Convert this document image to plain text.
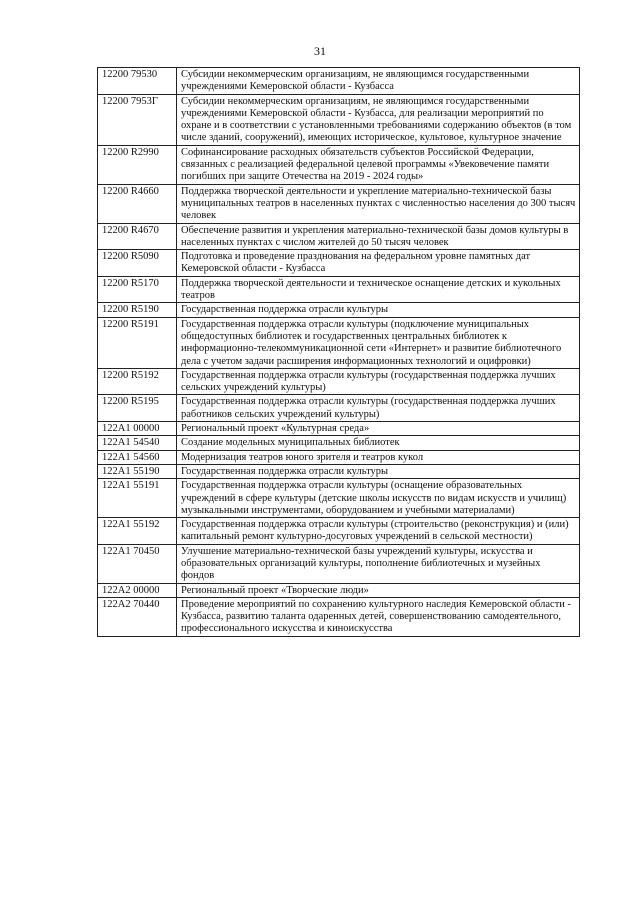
31
12200 79530	Субсидии некоммерческим организациям, не являющимся государственными учреждениями Кемеровской области - Кузбасса
12200 7953Г	Субсидии некоммерческим организациям, не являющимся государственными учреждениями Кемеровской области - Кузбасса, для реализации мероприятий по охране и в соответствии с установленными требованиями содержанию объектов (в том числе зданий, сооружений), имеющих историческое, культовое, культурное значение
12200 R2990	Софинансирование расходных обязательств субъектов Российской Федерации, связанных с реализацией федеральной целевой программы «Увековечение памяти погибших при защите Отечества на 2019 - 2024 годы»
12200 R4660	Поддержка творческой деятельности и укрепление материально-технической базы муниципальных театров в населенных пунктах с численностью населения до 300 тысяч человек
12200 R4670	Обеспечение развития и укрепления материально-технической базы домов культуры в населенных пунктах с числом жителей до 50 тысяч человек
12200 R5090	Подготовка и проведение празднования на федеральном уровне памятных дат Кемеровской области - Кузбасса
12200 R5170	Поддержка творческой деятельности и техническое оснащение детских и кукольных театров
12200 R5190	Государственная поддержка отрасли культуры
12200 R5191	Государственная поддержка отрасли культуры (подключение муниципальных общедоступных библиотек и государственных центральных библиотек к информационно-телекоммуникационной сети «Интернет» и развитие библиотечного дела с учетом задачи расширения информационных технологий и оцифровки)
12200 R5192	Государственная поддержка отрасли культуры (государственная поддержка лучших сельских учреждений культуры)
12200 R5195	Государственная поддержка отрасли культуры (государственная поддержка лучших работников сельских учреждений культуры)
122A1 00000	Региональный проект «Культурная среда»
122A1 54540	Создание модельных муниципальных библиотек
122A1 54560	Модернизация театров юного зрителя и театров кукол
122A1 55190	Государственная поддержка отрасли культуры
122A1 55191	Государственная поддержка отрасли культуры (оснащение образовательных учреждений в сфере культуры (детские школы искусств по видам искусств и училищ) музыкальными инструментами, оборудованием и учебными материалами)
122A1 55192	Государственная поддержка отрасли культуры (строительство (реконструкция) и (или) капитальный ремонт культурно-досуговых учреждений в сельской местности)
122A1 70450	Улучшение материально-технической базы учреждений культуры, искусства и образовательных организаций культуры, пополнение библиотечных и музейных фондов
122A2 00000	Региональный проект «Творческие люди»
122A2 70440	Проведение мероприятий по сохранению культурного наследия Кемеровской области - Кузбасса, развитию таланта одаренных детей, совершенствованию самодеятельного, профессионального искусства и киноискусства
